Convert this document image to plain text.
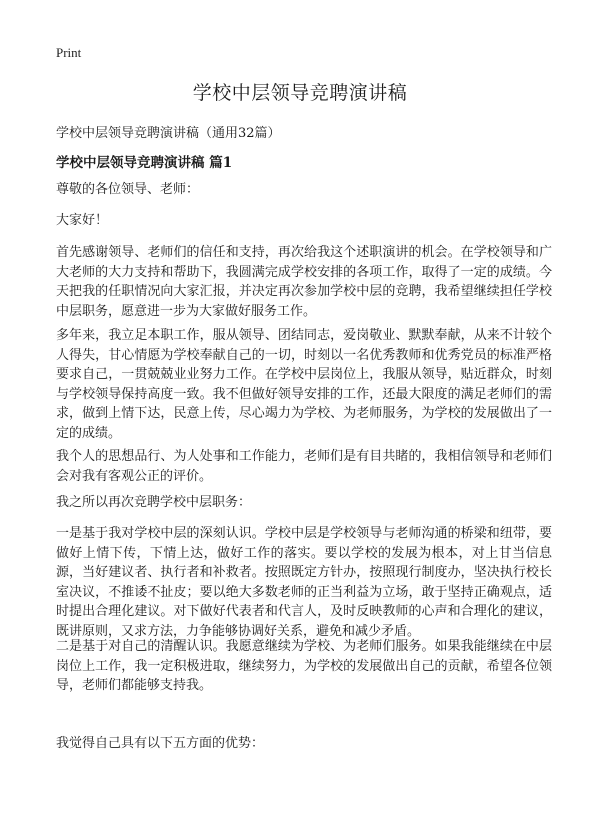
Print
学校中层领导竞聘演讲稿

学校中层领导竞聘演讲稿（通用32篇）

学校中层领导竞聘演讲稿 篇1

尊敬的各位领导、老师：

大家好！

首先感谢领导、老师们的信任和支持，再次给我这个述职演讲的机会。在学校领导和广大老师的大力支持和帮助下，我圆满完成学校安排的各项工作，取得了一定的成绩。今天把我的任职情况向大家汇报，并决定再次参加学校中层的竞聘，我希望继续担任学校中层职务，愿意进一步为大家做好服务工作。

多年来，我立足本职工作，服从领导、团结同志，爱岗敬业、默默奉献，从来不计较个人得失，甘心情愿为学校奉献自己的一切，时刻以一名优秀教师和优秀党员的标准严格要求自己，一贯兢兢业业努力工作。在学校中层岗位上，我服从领导，贴近群众，时刻与学校领导保持高度一致。我不但做好领导安排的工作，还最大限度的满足老师们的需求，做到上情下达，民意上传，尽心竭力为学校、为老师服务，为学校的发展做出了一定的成绩。

我个人的思想品行、为人处事和工作能力，老师们是有目共睹的，我相信领导和老师们会对我有客观公正的评价。

我之所以再次竞聘学校中层职务：

一是基于我对学校中层的深刻认识。学校中层是学校领导与老师沟通的桥梁和纽带，要做好上情下传，下情上达，做好工作的落实。要以学校的发展为根本，对上甘当信息源，当好建议者、执行者和补救者。按照既定方针办，按照现行制度办，坚决执行校长室决议，不推诿不扯皮；要以绝大多数老师的正当利益为立场，敢于坚持正确观点，适时提出合理化建议。对下做好代表者和代言人，及时反映教师的心声和合理化的建议，既讲原则，又求方法，力争能够协调好关系，避免和减少矛盾。

二是基于对自己的清醒认识。我愿意继续为学校、为老师们服务。如果我能继续在中层岗位上工作，我一定积极进取，继续努力，为学校的发展做出自己的贡献，希望各位领导，老师们都能够支持我。

我觉得自己具有以下五方面的优势：
